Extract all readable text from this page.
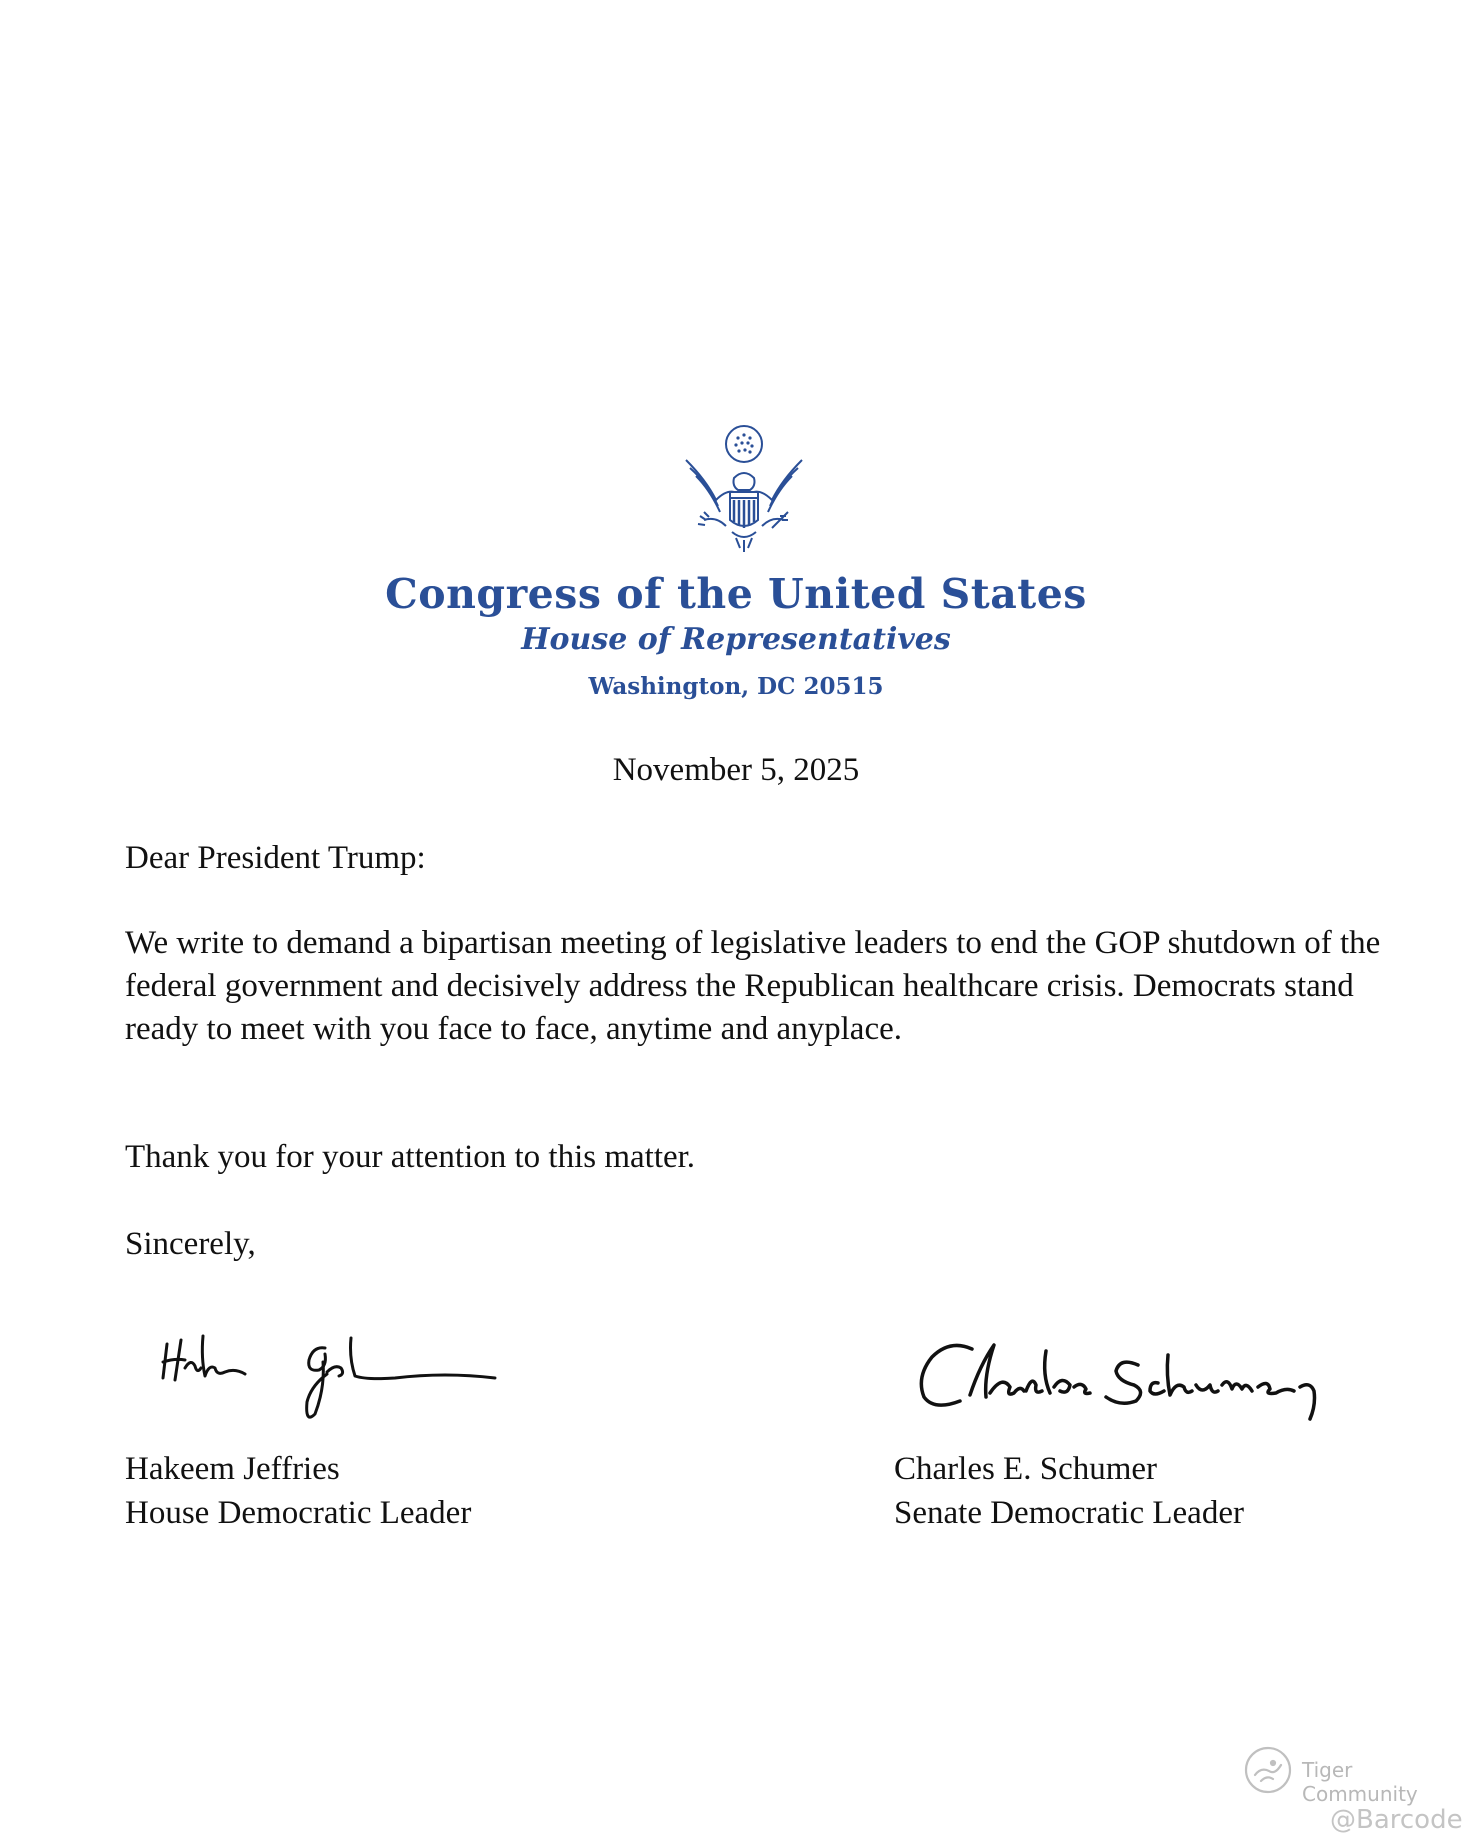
Congress of the United States
House of Representatives
Washington, DC 20515
November 5, 2025
Dear President Trump:
We write to demand a bipartisan meeting of legislative leaders to end the GOP shutdown of the federal government and decisively address the Republican healthcare crisis. Democrats stand ready to meet with you face to face, anytime and anyplace.
Thank you for your attention to this matter.
Sincerely,
Hakeem Jeffries
House Democratic Leader
Charles E. Schumer
Senate Democratic Leader
Tiger Community
@Barcode
